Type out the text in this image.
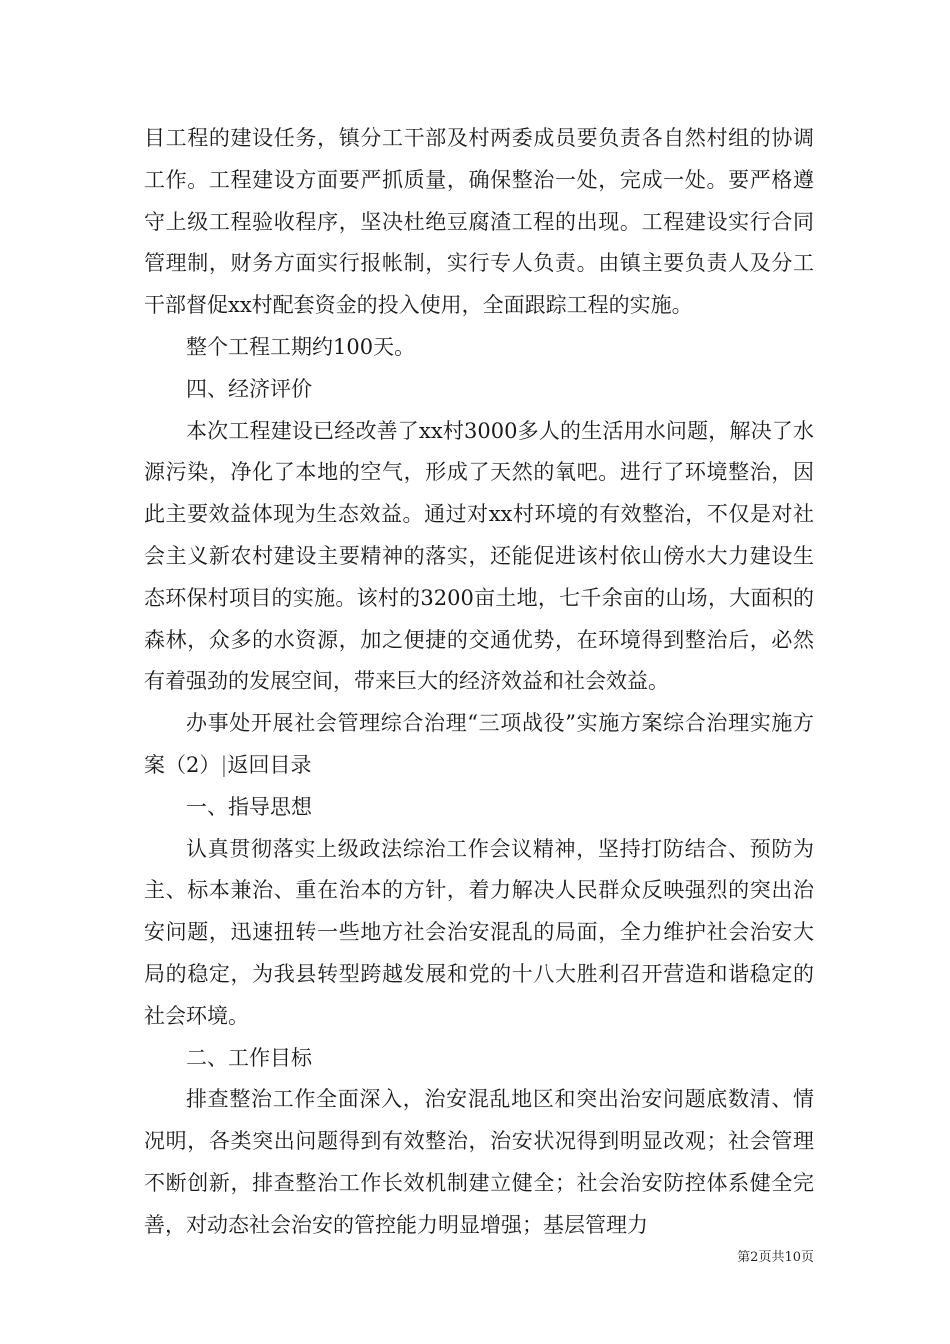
目工程的建设任务，镇分工干部及村两委成员要负责各自然村组的协调工作。工程建设方面要严抓质量，确保整治一处，完成一处。要严格遵守上级工程验收程序，坚决杜绝豆腐渣工程的出现。工程建设实行合同管理制，财务方面实行报帐制，实行专人负责。由镇主要负责人及分工干部督促xx村配套资金的投入使用，全面跟踪工程的实施。

整个工程工期约100天。

四、经济评价

本次工程建设已经改善了xx村3000多人的生活用水问题，解决了水源污染，净化了本地的空气，形成了天然的氧吧。进行了环境整治，因此主要效益体现为生态效益。通过对xx村环境的有效整治，不仅是对社会主义新农村建设主要精神的落实，还能促进该村依山傍水大力建设生态环保村项目的实施。该村的3200亩土地，七千余亩的山场，大面积的森林，众多的水资源，加之便捷的交通优势，在环境得到整治后，必然有着强劲的发展空间，带来巨大的经济效益和社会效益。

办事处开展社会管理综合治理“三项战役”实施方案综合治理实施方案（2）|返回目录

一、指导思想

认真贯彻落实上级政法综治工作会议精神，坚持打防结合、预防为主、标本兼治、重在治本的方针，着力解决人民群众反映强烈的突出治安问题，迅速扭转一些地方社会治安混乱的局面，全力维护社会治安大局的稳定，为我县转型跨越发展和党的十八大胜利召开营造和谐稳定的社会环境。

二、工作目标

排查整治工作全面深入，治安混乱地区和突出治安问题底数清、情况明，各类突出问题得到有效整治，治安状况得到明显改观；社会管理不断创新，排查整治工作长效机制建立健全；社会治安防控体系健全完善，对动态社会治安的管控能力明显增强；基层管理力

第2页共10页
